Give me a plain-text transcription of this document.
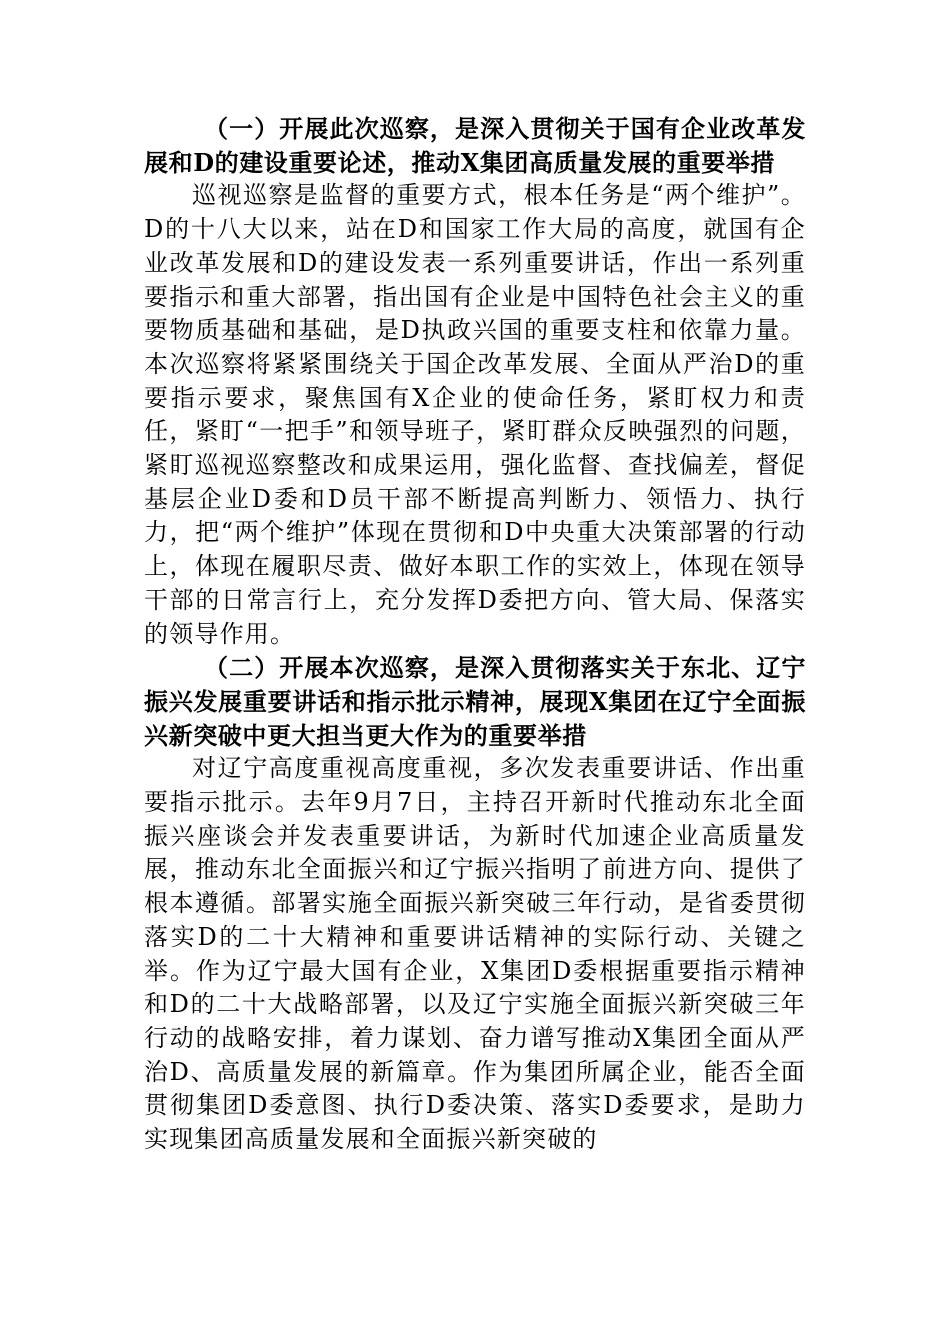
（一）开展此次巡察，是深入贯彻关于国有企业改革发展和D的建设重要论述，推动X集团高质量发展的重要举措

巡视巡察是监督的重要方式，根本任务是“两个维护”。D的十八大以来，站在D和国家工作大局的高度，就国有企业改革发展和D的建设发表一系列重要讲话，作出一系列重要指示和重大部署，指出国有企业是中国特色社会主义的重要物质基础和基础，是D执政兴国的重要支柱和依靠力量。本次巡察将紧紧围绕关于国企改革发展、全面从严治D的重要指示要求，聚焦国有X企业的使命任务，紧盯权力和责任，紧盯“一把手”和领导班子，紧盯群众反映强烈的问题，紧盯巡视巡察整改和成果运用，强化监督、查找偏差，督促基层企业D委和D员干部不断提高判断力、领悟力、执行力，把“两个维护”体现在贯彻和D中央重大决策部署的行动上，体现在履职尽责、做好本职工作的实效上，体现在领导干部的日常言行上，充分发挥D委把方向、管大局、保落实的领导作用。

（二）开展本次巡察，是深入贯彻落实关于东北、辽宁振兴发展重要讲话和指示批示精神，展现X集团在辽宁全面振兴新突破中更大担当更大作为的重要举措

对辽宁高度重视高度重视，多次发表重要讲话、作出重要指示批示。去年9月7日，主持召开新时代推动东北全面振兴座谈会并发表重要讲话，为新时代加速企业高质量发展，推动东北全面振兴和辽宁振兴指明了前进方向、提供了根本遵循。部署实施全面振兴新突破三年行动，是省委贯彻落实D的二十大精神和重要讲话精神的实际行动、关键之举。作为辽宁最大国有企业，X集团D委根据重要指示精神和D的二十大战略部署，以及辽宁实施全面振兴新突破三年行动的战略安排，着力谋划、奋力谱写推动X集团全面从严治D、高质量发展的新篇章。作为集团所属企业，能否全面贯彻集团D委意图、执行D委决策、落实D委要求，是助力实现集团高质量发展和全面振兴新突破的
